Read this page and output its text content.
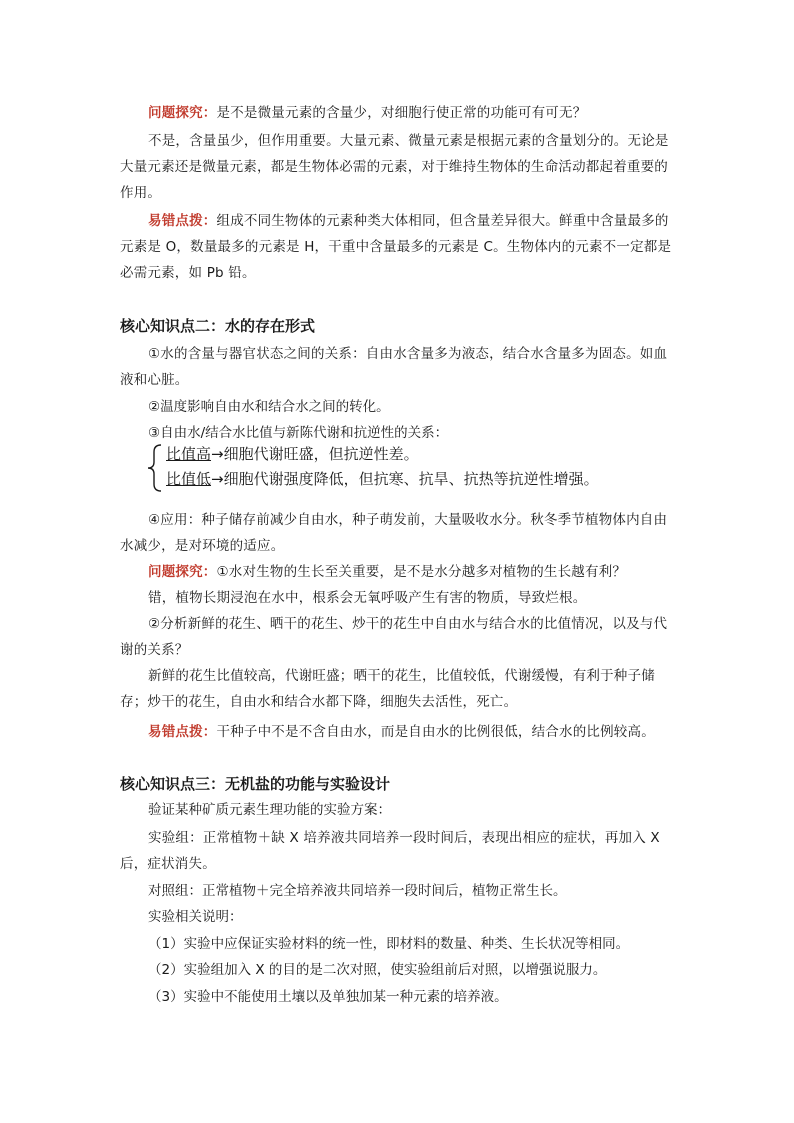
问题探究：是不是微量元素的含量少，对细胞行使正常的功能可有可无？

不是，含量虽少，但作用重要。大量元素、微量元素是根据元素的含量划分的。无论是大量元素还是微量元素，都是生物体必需的元素，对于维持生物体的生命活动都起着重要的作用。

易错点拨：组成不同生物体的元素种类大体相同，但含量差异很大。鲜重中含量最多的元素是 O，数量最多的元素是 H，干重中含量最多的元素是 C。生物体内的元素不一定都是必需元素，如 Pb 铅。

核心知识点二：水的存在形式

①水的含量与器官状态之间的关系：自由水含量多为液态，结合水含量多为固态。如血液和心脏。

②温度影响自由水和结合水之间的转化。
③自由水/结合水比值与新陈代谢和抗逆性的关系：
比值高→细胞代谢旺盛，但抗逆性差。
比值低→细胞代谢强度降低，但抗寒、抗旱、抗热等抗逆性增强。

④应用：种子储存前减少自由水，种子萌发前，大量吸收水分。秋冬季节植物体内自由水减少，是对环境的适应。

问题探究：①水对生物的生长至关重要，是不是水分越多对植物的生长越有利？

错，植物长期浸泡在水中，根系会无氧呼吸产生有害的物质，导致烂根。

②分析新鲜的花生、晒干的花生、炒干的花生中自由水与结合水的比值情况，以及与代谢的关系？

新鲜的花生比值较高，代谢旺盛；晒干的花生，比值较低，代谢缓慢，有利于种子储存；炒干的花生，自由水和结合水都下降，细胞失去活性，死亡。

易错点拨：干种子中不是不含自由水，而是自由水的比例很低，结合水的比例较高。

核心知识点三：无机盐的功能与实验设计
验证某种矿质元素生理功能的实验方案：

实验组：正常植物＋缺 X 培养液共同培养一段时间后，表现出相应的症状，再加入 X 后，症状消失。

对照组：正常植物＋完全培养液共同培养一段时间后，植物正常生长。
实验相关说明：
（1）实验中应保证实验材料的统一性，即材料的数量、种类、生长状况等相同。
（2）实验组加入 X 的目的是二次对照，使实验组前后对照，以增强说服力。
（3）实验中不能使用土壤以及单独加某一种元素的培养液。
